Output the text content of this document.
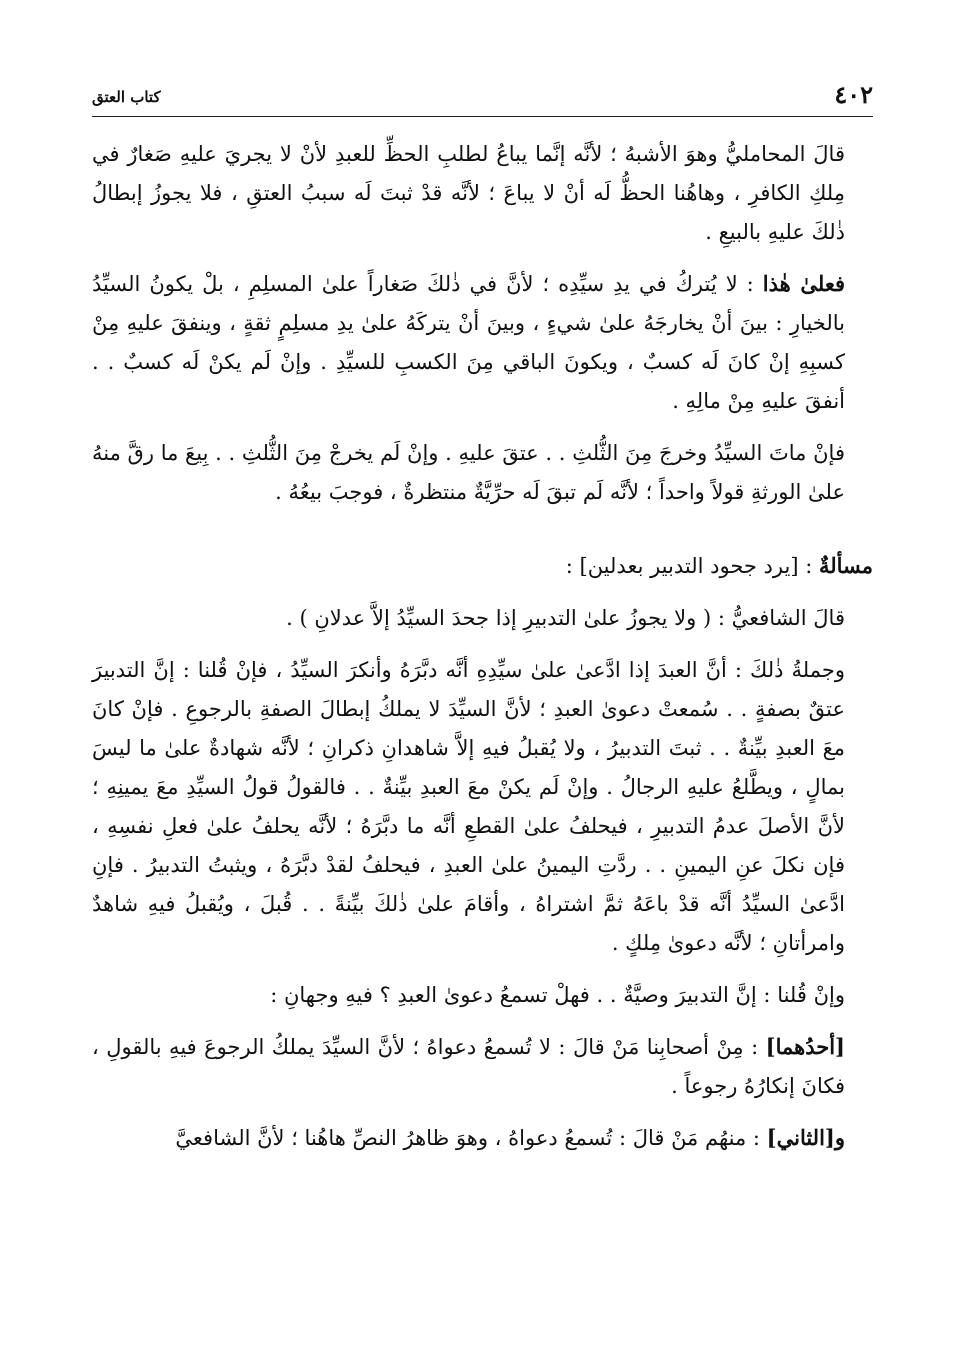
٤٠٢
كتاب العتق

قالَ المحامليُّ وهوَ الأشبهُ ؛ لأنَّه إنَّما يباعُ لطلبِ الحظِّ للعبدِ لأنْ لا يجريَ عليهِ صَغارٌ في مِلكِ الكافرِ ، وهاهُنا الحظُّ لَه أنْ لا يباعَ ؛ لأنَّه قدْ ثبتَ لَه سببُ العتقِ ، فلا يجوزُ إبطالُ ذٰلكَ عليهِ بالبيعِ .

فعلىٰ هٰذا : لا يُتركُ في يدِ سيِّدِه ؛ لأنَّ في ذٰلكَ صَغاراً علىٰ المسلِمِ ، بلْ يكونُ السيِّدُ بالخيارِ : بينَ أنْ يخارجَهُ علىٰ شيءٍ ، وبينَ أنْ يتركَهُ علىٰ يدِ مسلِمٍ ثقةٍ ، وينفقَ عليهِ مِنْ كسبِهِ إنْ كانَ لَه كسبٌ ، ويكونَ الباقي مِنَ الكسبِ للسيِّدِ . وإنْ لَم يكنْ لَه كسبٌ . . أنفقَ عليهِ مِنْ مالِهِ .

فإنْ ماتَ السيِّدُ وخرجَ مِنَ الثُّلثِ . . عتقَ عليهِ . وإنْ لَم يخرجْ مِنَ الثُّلثِ . . بِيعَ ما رقَّ منهُ علىٰ الورثةِ قولاً واحداً ؛ لأنَّه لَم تبقَ لَه حرِّيَّةٌ منتظرةٌ ، فوجبَ بيعُهُ .

مسألةٌ : [يرد جحود التدبير بعدلين] :

قالَ الشافعيُّ : ( ولا يجوزُ علىٰ التدبيرِ إذا جحدَ السيِّدُ إلاَّ عدلانِ ) .

وجملةُ ذٰلكَ : أنَّ العبدَ إذا ادَّعىٰ علىٰ سيِّدِهِ أنَّه دبَّرَهُ وأنكرَ السيِّدُ ، فإنْ قُلنا : إنَّ التدبيرَ عتقٌ بصفةٍ . . سُمعتْ دعوىٰ العبدِ ؛ لأنَّ السيِّدَ لا يملكُ إبطالَ الصفةِ بالرجوعِ . فإنْ كانَ معَ العبدِ بيِّنةٌ . . ثبتَ التدبيرُ ، ولا يُقبلُ فيهِ إلاَّ شاهدانِ ذكرانِ ؛ لأنَّه شهادةٌ علىٰ ما ليسَ بمالٍ ، ويطَّلعُ عليهِ الرجالُ . وإنْ لَم يكنْ معَ العبدِ بيِّنةٌ . . فالقولُ قولُ السيِّدِ معَ يمينِهِ ؛ لأنَّ الأصلَ عدمُ التدبيرِ ، فيحلفُ علىٰ القطعِ أنَّه ما دبَّرَهُ ؛ لأنَّه يحلفُ علىٰ فعلِ نفسِهِ ، فإن نكلَ عنِ اليمينِ . . ردَّتِ اليمينُ علىٰ العبدِ ، فيحلفُ لقدْ دبَّرَهُ ، ويثبتُ التدبيرُ . فإنِ ادَّعىٰ السيِّدُ أنَّه قدْ باعَهُ ثمَّ اشتراهُ ، وأقامَ علىٰ ذٰلكَ بيِّنةً . . قُبلَ ، ويُقبلُ فيهِ شاهدٌ وامرأتانِ ؛ لأنَّه دعوىٰ مِلكٍ .

وإنْ قُلنا : إنَّ التدبيرَ وصيَّةٌ . . فهلْ تسمعُ دعوىٰ العبدِ ؟ فيهِ وجهانِ :

[أحدُهما] : مِنْ أصحابِنا مَنْ قالَ : لا تُسمعُ دعواهُ ؛ لأنَّ السيِّدَ يملكُ الرجوعَ فيهِ بالقولِ ، فكانَ إنكارُهُ رجوعاً .

و[الثاني] : منهُم مَنْ قالَ : تُسمعُ دعواهُ ، وهوَ ظاهرُ النصِّ هاهُنا ؛ لأنَّ الشافعيَّ
